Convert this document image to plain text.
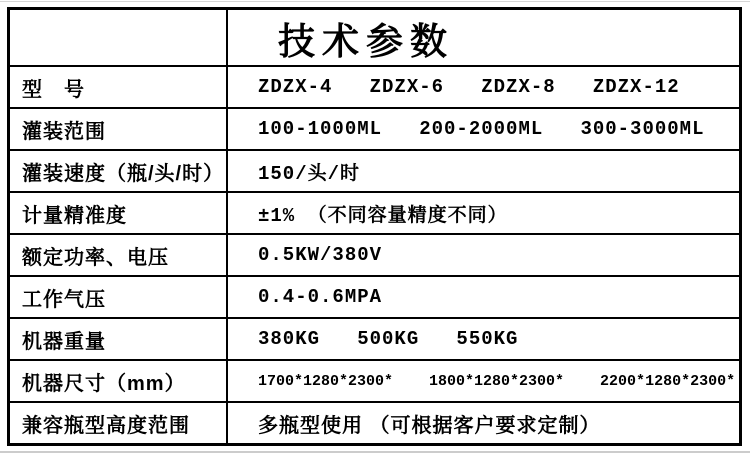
技术参数
型　号	ZDZX-4   ZDZX-6   ZDZX-8   ZDZX-12
灌装范围	100-1000ML   200-2000ML   300-3000ML
灌装速度（瓶/头/时）	150/头/时
计量精准度	±1% （不同容量精度不同）
额定功率、电压	0.5KW/380V
工作气压	0.4-0.6MPA
机器重量	380KG   500KG   550KG
机器尺寸（mm）	1700*1280*2300*    1800*1280*2300*    2200*1280*2300*
兼容瓶型高度范围	多瓶型使用 （可根据客户要求定制）
